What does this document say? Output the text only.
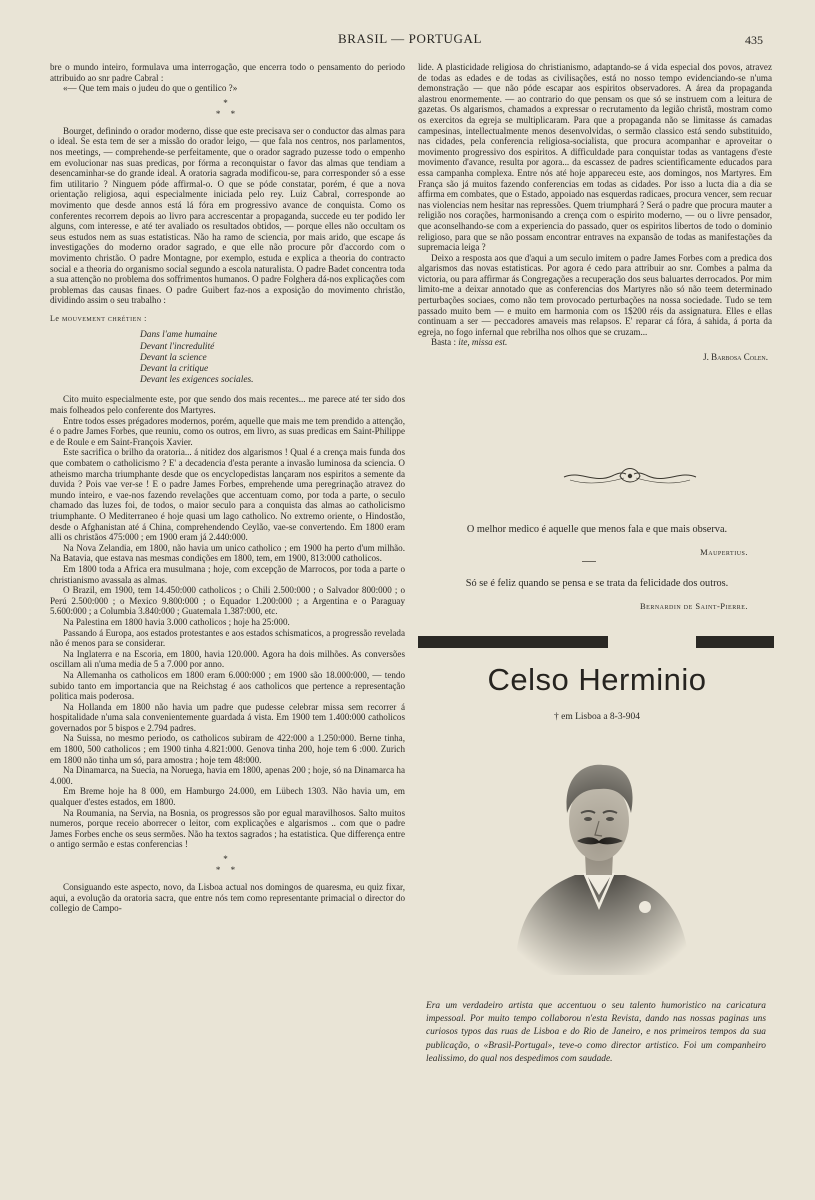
BRASIL — PORTUGAL	435

bre o mundo inteiro, formulava uma interrogação, que encerra todo o pensamento do periodo attribuido ao snr padre Cabral :

«— Que tem mais o judeu do que o gentilico ?»

*
* *

Bourget, definindo o orador moderno, disse que este precisava ser o conductor das almas para o ideal. Se esta tem de ser a missão do orador leigo, — que fala nos centros, nos parlamentos, nos meetings, — comprehende-se perfeitamente, que o orador sagrado puzesse todo o empenho em evolucionar nas suas predicas, por fórma a reconquistar o favor das almas que tendiam a desencaminhar-se do grande ideal. A oratoria sagrada modificou-se, para corresponder só a esse fim utilitario ? Ninguem póde affirmal-o. O que se póde constatar, porém, é que a nova orientação religiosa, aqui especialmente iniciada pelo rey. Luiz Cabral, corresponde ao movimento que desde annos está lá fóra em progressivo avance de conquista. Como os conferentes recorrem depois ao livro para accrescentar a propaganda, succede eu ter podido ler alguns, com interesse, e até ter avaliado os resultados obtidos, — porque elles não occultam os seus estudos nem as suas estatisticas. Não ha ramo de sciencia, por mais arido, que escape ás investigações do moderno orador sagrado, e que elle não procure pôr d'accordo com o movimento christão. O padre Montagne, por exemplo, estuda e explica a theoria do contracto social e a theoria do organismo social segundo a escola naturalista. O padre Badet concentra toda a sua attenção no problema dos soffrimentos humanos. O padre Folghera dá-nos explicações com problemas das causas finaes. O padre Guibert faz-nos a exposição do movimento christão, dividindo assim o seu trabalho :

Le mouvement chrétien :
Dans l'ame humaine
Devant l'incredulité
Devant la science
Devant la critique
Devant les exigences sociales.

Cito muito especialmente este, por que sendo dos mais recentes... me parece até ter sido dos mais folheados pelo conferente dos Martyres.

Entre todos esses prégadores modernos, porém, aquelle que mais me tem prendido a attenção, é o padre James Forbes, que reuniu, como os outros, em livro, as suas predicas em Saint-Philippe e de Roule e em Saint-François Xavier.

Este sacrifica o brilho da oratoria... á nitidez dos algarismos ! Qual é a crença mais funda dos que combatem o catholicismo ? E' a decadencia d'esta perante a invasão luminosa da sciencia. O atheismo marcha triumphante desde que os encyclopedistas lançaram nos espiritos a semente da duvida ? Pois vae ver-se ! E o padre James Forbes, emprehende uma peregrinação atravez do mundo inteiro, e vae-nos fazendo revelações que accentuam como, por toda a parte, o seculo chamado das luzes foi, de todos, o maior seculo para a conquista das almas ao catholicismo triumphante. O Mediterraneo é hoje quasi um lago catholico. No extremo oriente, o Hindostão, desde o Afghanistan até á China, comprehendendo Ceylão, vae-se convertendo. Em 1800 eram alli os christãos 475:000 ; em 1900 eram já 2.440:000.

Na Nova Zelandia, em 1800, não havia um unico catholico ; em 1900 ha perto d'um milhão. Na Batavia, que estava nas mesmas condições em 1800, tem, em 1900, 813:000 catholicos.

Em 1800 toda a Africa era musulmana ; hoje, com excepção de Marrocos, por toda a parte o christianismo avassala as almas.

O Brazil, em 1900, tem 14.450:000 catholicos ; o Chili 2.500:000 ; o Salvador 800:000 ; o Perú 2.500:000 ; o Mexico 9.800:000 ; o Equador 1.200:000 ; a Argentina e o Paraguay 5.600:000 ; a Columbia 3.840:000 ; Guatemala 1.387:000, etc.

Na Palestina em 1800 havia 3.000 catholicos ; hoje ha 25:000.

Passando á Europa, aos estados protestantes e aos estados schismaticos, a progressão revelada não é menos para se considerar.

Na Inglaterra e na Escoria, em 1800, havia 120.000. Agora ha dois milhões. As conversões oscillam ali n'uma media de 5 a 7.000 por anno.

Na Allemanha os catholicos em 1800 eram 6.000:000 ; em 1900 são 18.000:000, — tendo subido tanto em importancia que na Reichstag é aos catholicos que pertence a representação politica mais poderosa.

Na Hollanda em 1800 não havia um padre que pudesse celebrar missa sem recorrer á hospitalidade n'uma sala convenientemente guardada á vista. Em 1900 tem 1.400:000 catholicos governados por 5 bispos e 2.794 padres.

Na Suissa, no mesmo periodo, os catholicos subiram de 422:000 a 1.250:000. Berne tinha, em 1800, 500 catholicos ; em 1900 tinha 4.821:000. Genova tinha 200, hoje tem 6 :000. Zurich em 1800 não tinha um só, para amostra ; hoje tem 48:000.

Na Dinamarca, na Suecia, na Noruega, havia em 1800, apenas 200 ; hoje, só na Dinamarca ha 4.000.

Em Breme hoje ha 8 000, em Hamburgo 24.000, em Lübech 1303. Não havia um, em qualquer d'estes estados, em 1800.

Na Roumania, na Servia, na Bosnia, os progressos são por egual maravilhosos. Salto muitos numeros, porque receio aborrecer o leitor, com explicações e algarismos .. com que o padre James Forbes enche os seus sermões. Não ha textos sagrados ; ha estatistica. Que differença entre o antigo sermão e estas conferencias !

*
* *

Consiguando este aspecto, novo, da Lisboa actual nos domingos de quaresma, eu quiz fixar, aqui, a evolução da oratoria sacra, que entre nós tem como representante primacial o director do collegio de Campo-

lide. A plasticidade religiosa do christianismo, adaptando-se á vida especial dos povos, atravez de todas as edades e de todas as civilisações, está no nosso tempo evidenciando-se n'uma demonstração — que não póde escapar aos espiritos observadores. A área da propaganda alastrou enormemente. — ao contrario do que pensam os que só se instruem com a leitura de gazetas. Os algarismos, chamados a expressar o recrutamento da legião christã, mostram como os exercitos da egreja se multiplicaram. Para que a propaganda não se limitasse ás camadas campesinas, intellectualmente menos desenvolvidas, o sermão classico está sendo substituido, nas cidades, pela conferencia religiosa-socialista, que procura acompanhar e aproveitar o movimento progressivo dos espiritos. A difficuldade para conquistar todas as vantagens d'este movimento d'avance, resulta por agora... da escassez de padres scientificamente educados para essa campanha complexa. Entre nós até hoje appareceu este, aos domingos, nos Martyres. Em França são já muitos fazendo conferencias em todas as cidades. Por isso a lucta dia a dia se affirma em combates, que o Estado, appoiado nas esquerdas radicaes, procura vencer, sem recuar nas violencias nem hesitar nas repressões. Quem triumphará ? Será o padre que procura mauter a religião nos corações, harmonisando a crença com o espirito moderno, — ou o livre pensador, que aconselhando-se com a experiencia do passado, quer os espiritos libertos de todo o dominio religioso, para que se não possam encontrar entraves na expansão de todas as manifestações da supremacia leiga ?

Deixo a resposta aos que d'aqui a um seculo imitem o padre James Forbes com a predica dos algarismos das novas estatisticas. Por agora é cedo para attribuir ao snr. Combes a palma da victoria, ou para affirmar ás Congregações a recuperação dos seus baluartes derrocados. Por mim limito-me a deixar annotado que as conferencias dos Martyres não só não teem determinado perturbações sociaes, como não tem provocado perturbações na nossa sociedade. Tudo se tem passado muito bem — e muito em harmonia com os 1$200 réis da assignatura. Elles e ellas continuam a ser — peccadores amaveis mas relapsos. E' reparar cá fóra, á sahida, á porta da egreja, no fogo infernal que rebrilha nos olhos que se cruzam...

Basta : ite, missa est.

J. Barbosa Colen.
O melhor medico é aquelle que menos fala e que mais observa.
Maupertius.
Só se é feliz quando se pensa e se trata da felicidade dos outros.
Bernardin de Saint-Pierre.
Celso Herminio
† em Lisboa a 8-3-904
Era um verdadeiro artista que accentuou o seu talento humoristico na caricatura impessoal. Por muito tempo collaborou n'esta Revista, dando nas nossas paginas uns curiosos typos das ruas de Lisboa e do Rio de Janeiro, e nos primeiros tempos da sua publicação, o «Brasil-Portugal», teve-o como director artistico. Foi um companheiro lealissimo, do qual nos despedimos com saudade.
